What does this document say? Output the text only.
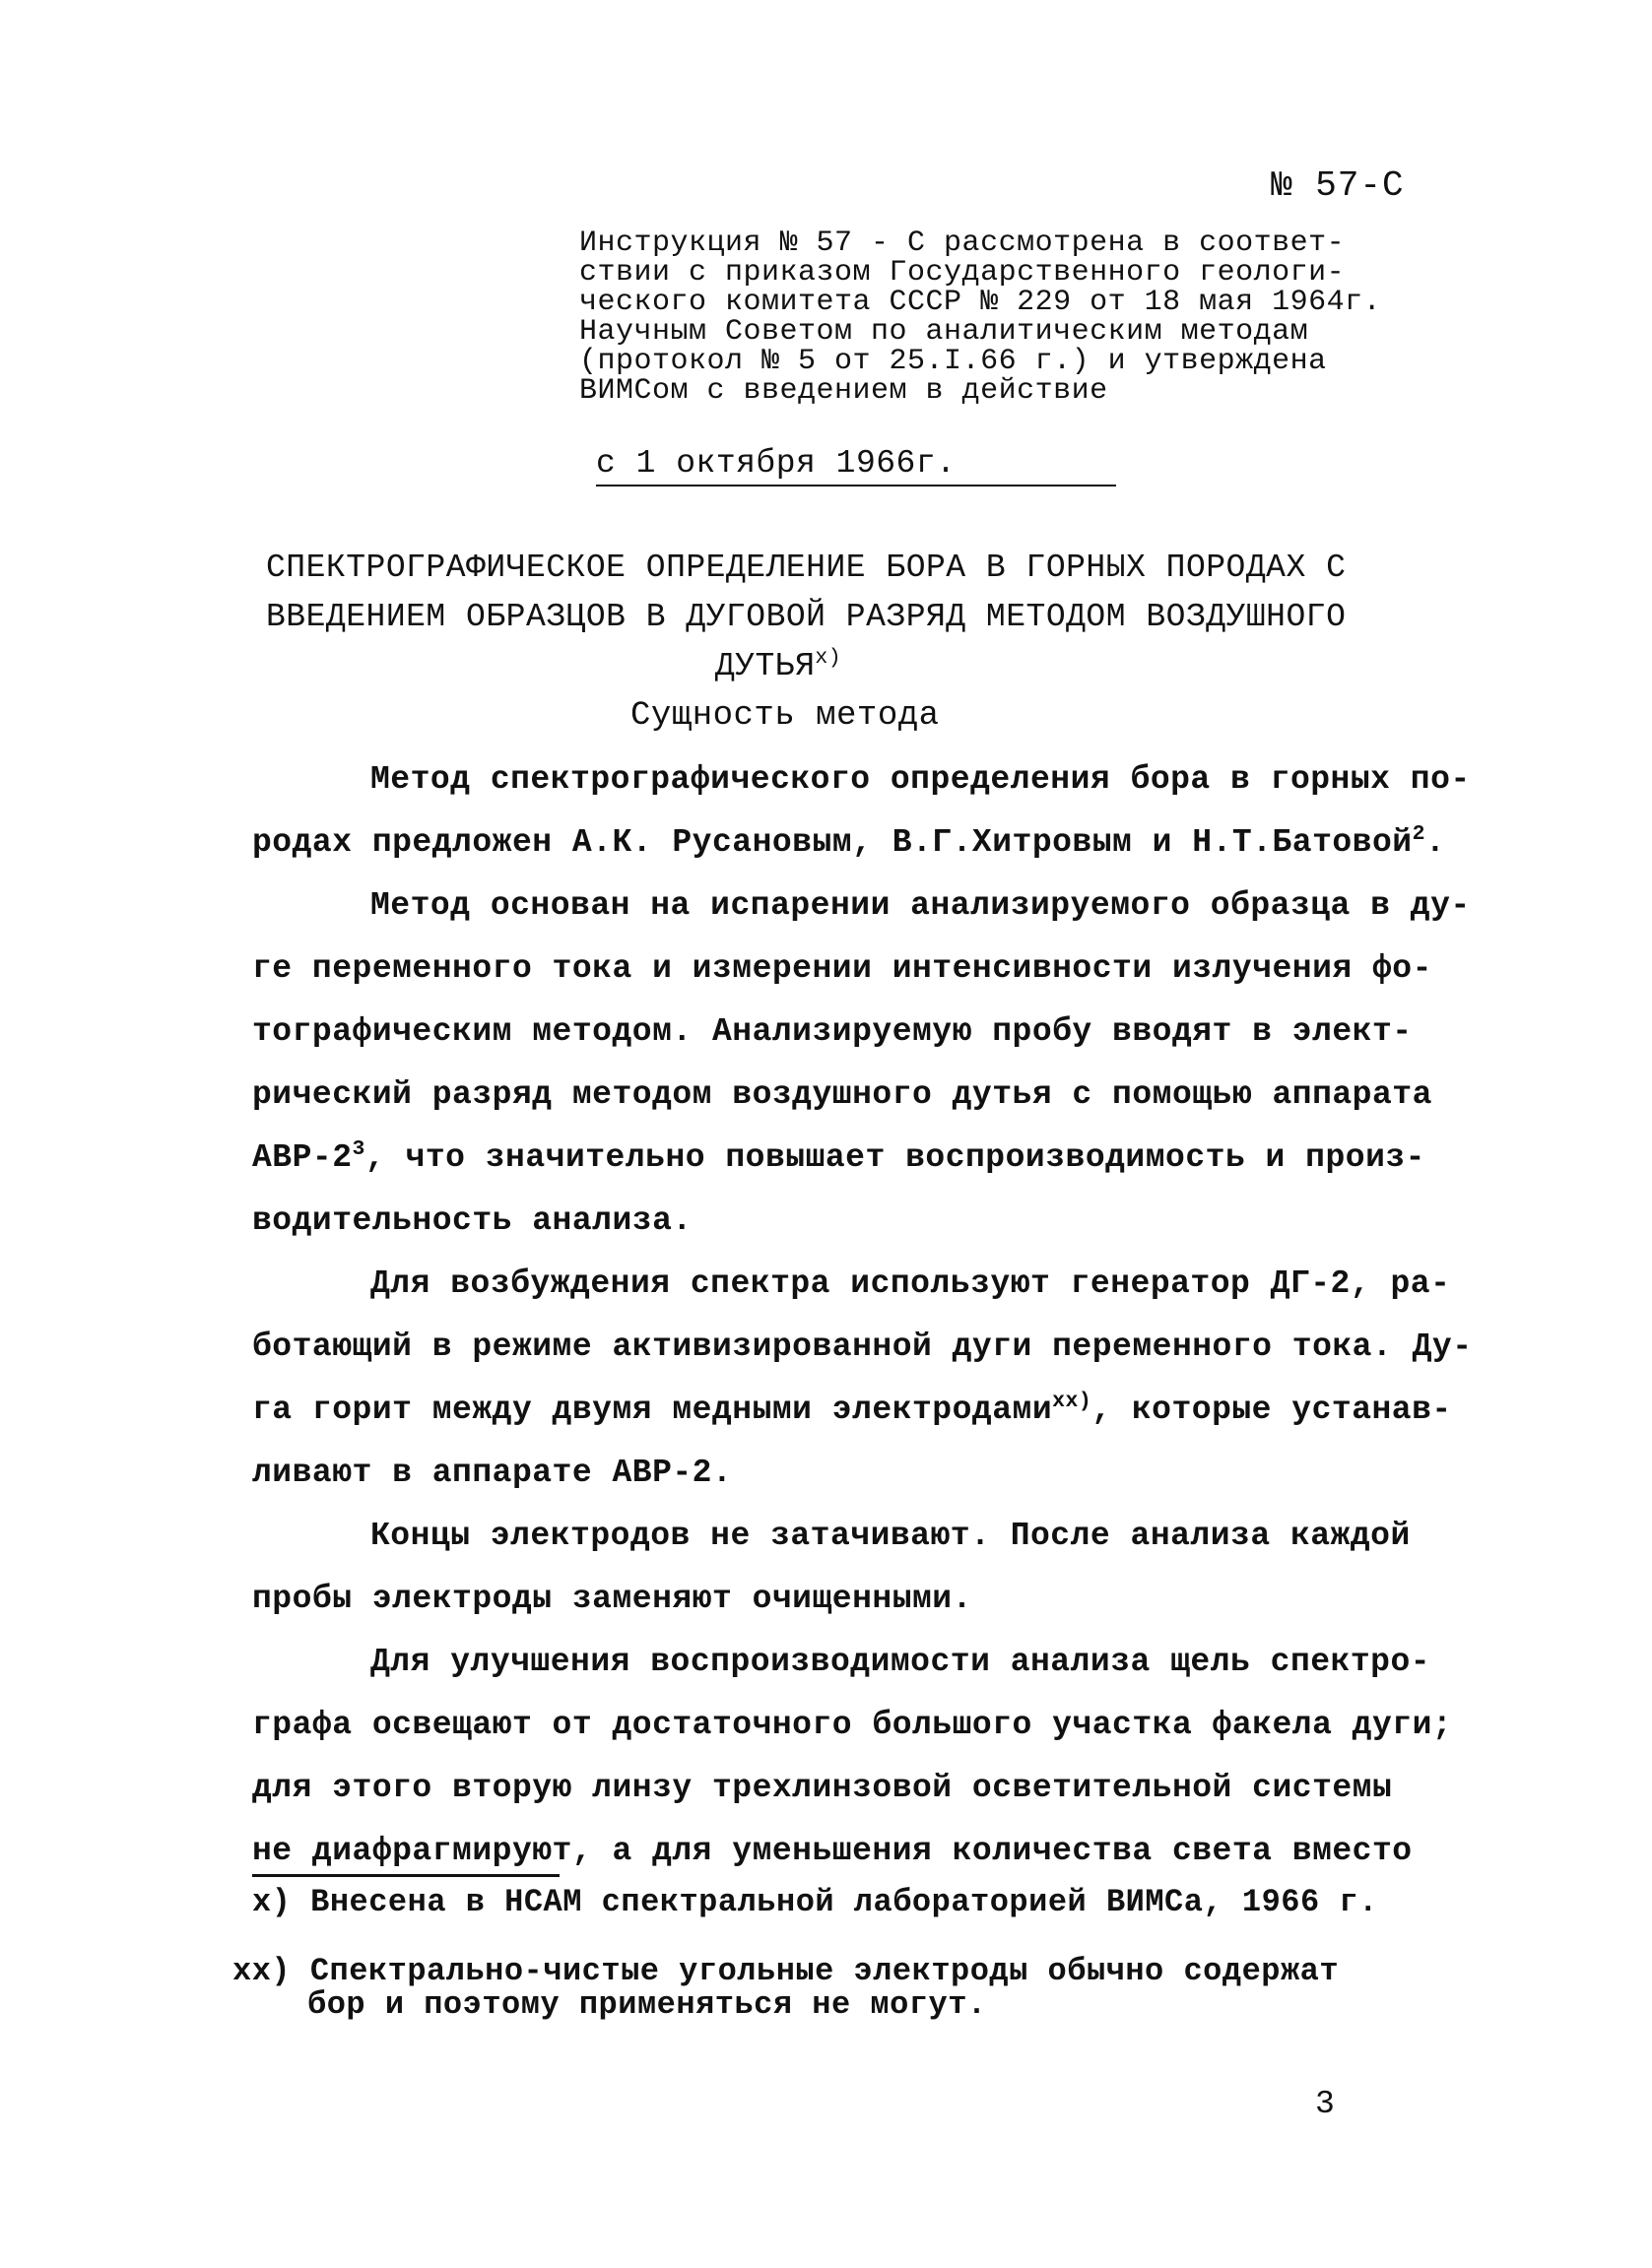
№ 57-С
Инструкция № 57 - С рассмотрена в соответ-
ствии с приказом Государственного геологи-
ческого комитета СССР № 229 от 18 мая 1964г.
Научным Советом по аналитическим методам
(протокол № 5 от 25.I.66 г.) и утверждена
ВИМСом с введением в действие
с 1 октября 1966г.
СПЕКТРОГРАФИЧЕСКОЕ ОПРЕДЕЛЕНИЕ БОРА В ГОРНЫХ ПОРОДАХ С
ВВЕДЕНИЕМ ОБРАЗЦОВ В ДУГОВОЙ РАЗРЯД МЕТОДОМ ВОЗДУШНОГО
ДУТЬЯ$^{x)}$
Сущность метода
Метод спектрографического определения бора в горных по-
родах предложен А.К. Русановым, В.Г.Хитровым и Н.Т.Батовой$^2$.
Метод основан на испарении анализируемого образца в ду-
ге переменного тока и измерении интенсивности излучения фо-
тографическим методом. Анализируемую пробу вводят в элект-
рический разряд методом воздушного дутья с помощью аппарата
АВР-$2^3$, что значительно повышает воспроизводимость и произ-
водительность анализа.
Для возбуждения спектра используют генератор ДГ-2, ра-
ботающий в режиме активизированной дуги переменного тока. Ду-
га горит между двумя медными электродами$^{xx)}$, которые устанав-
ливают в аппарате АВР-2.
Концы электродов не затачивают. После анализа каждой
пробы электроды заменяют очищенными.
Для улучшения воспроизводимости анализа щель спектро-
графа освещают от достаточного большого участка факела дуги;
для этого вторую линзу трехлинзовой осветительной системы
не диафрагмируют, а для уменьшения количества света вместо
x) Внесена в НСАМ спектральной лабораторией ВИМСа, 1966 г.
xx) Спектрально-чистые угольные электроды обычно содержат
бор и поэтому применяться не могут.
3
